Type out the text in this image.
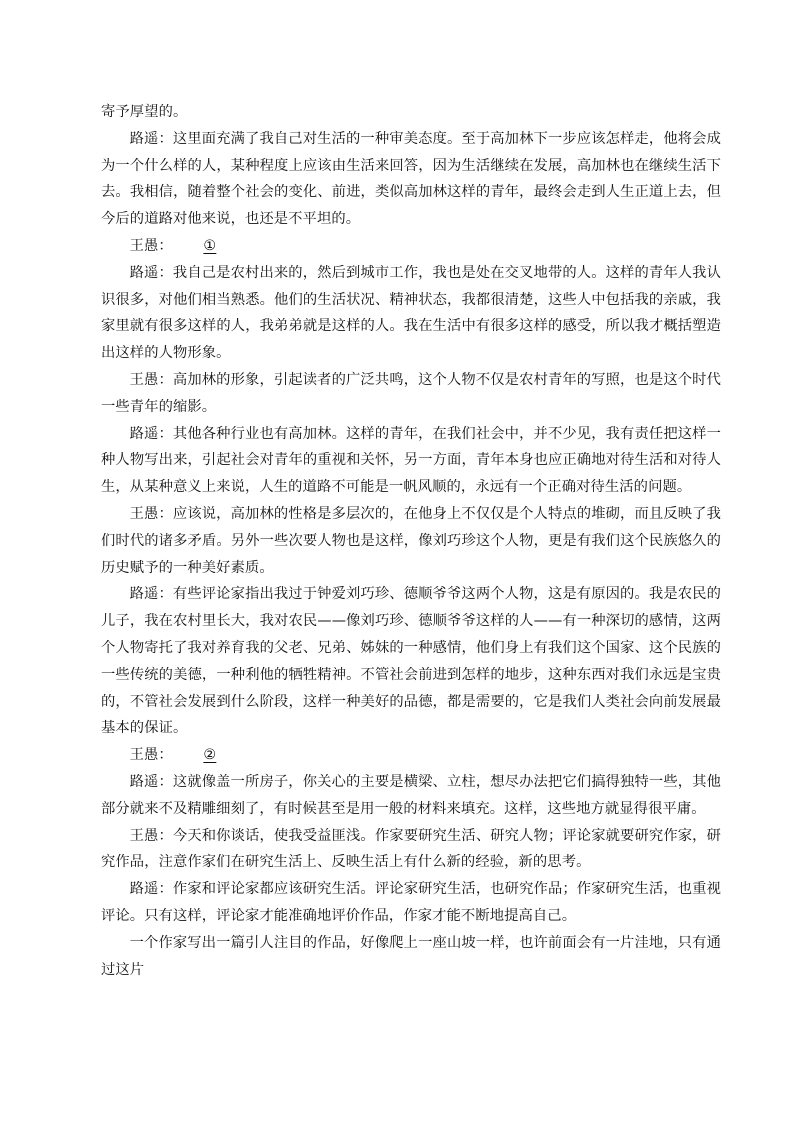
寄予厚望的。

路遥：这里面充满了我自己对生活的一种审美态度。至于高加林下一步应该怎样走，他将会成为一个什么样的人，某种程度上应该由生活来回答，因为生活继续在发展，高加林也在继续生活下去。我相信，随着整个社会的变化、前进，类似高加林这样的青年，最终会走到人生正道上去，但今后的道路对他来说，也还是不平坦的。

王愚：①

路遥：我自己是农村出来的，然后到城市工作，我也是处在交叉地带的人。这样的青年人我认识很多，对他们相当熟悉。他们的生活状况、精神状态，我都很清楚，这些人中包括我的亲戚，我家里就有很多这样的人，我弟弟就是这样的人。我在生活中有很多这样的感受，所以我才概括塑造出这样的人物形象。

王愚：高加林的形象，引起读者的广泛共鸣，这个人物不仅是农村青年的写照，也是这个时代一些青年的缩影。

路遥：其他各种行业也有高加林。这样的青年，在我们社会中，并不少见，我有责任把这样一种人物写出来，引起社会对青年的重视和关怀，另一方面，青年本身也应正确地对待生活和对待人生，从某种意义上来说，人生的道路不可能是一帆风顺的，永远有一个正确对待生活的问题。

王愚：应该说，高加林的性格是多层次的，在他身上不仅仅是个人特点的堆砌，而且反映了我们时代的诸多矛盾。另外一些次要人物也是这样，像刘巧珍这个人物，更是有我们这个民族悠久的历史赋予的一种美好素质。

路遥：有些评论家指出我过于钟爱刘巧珍、德顺爷爷这两个人物，这是有原因的。我是农民的儿子，我在农村里长大，我对农民——像刘巧珍、德顺爷爷这样的人——有一种深切的感情，这两个人物寄托了我对养育我的父老、兄弟、姊妹的一种感情，他们身上有我们这个国家、这个民族的一些传统的美德，一种利他的牺牲精神。不管社会前进到怎样的地步，这种东西对我们永远是宝贵的，不管社会发展到什么阶段，这样一种美好的品德，都是需要的，它是我们人类社会向前发展最基本的保证。

王愚：②

路遥：这就像盖一所房子，你关心的主要是横梁、立柱，想尽办法把它们搞得独特一些，其他部分就来不及精雕细刻了，有时候甚至是用一般的材料来填充。这样，这些地方就显得很平庸。

王愚：今天和你谈话，使我受益匪浅。作家要研究生活、研究人物；评论家就要研究作家，研究作品，注意作家们在研究生活上、反映生活上有什么新的经验，新的思考。

路遥：作家和评论家都应该研究生活。评论家研究生活，也研究作品；作家研究生活，也重视评论。只有这样，评论家才能准确地评价作品，作家才能不断地提高自己。

一个作家写出一篇引人注目的作品，好像爬上一座山坡一样，也许前面会有一片洼地，只有通过这片
